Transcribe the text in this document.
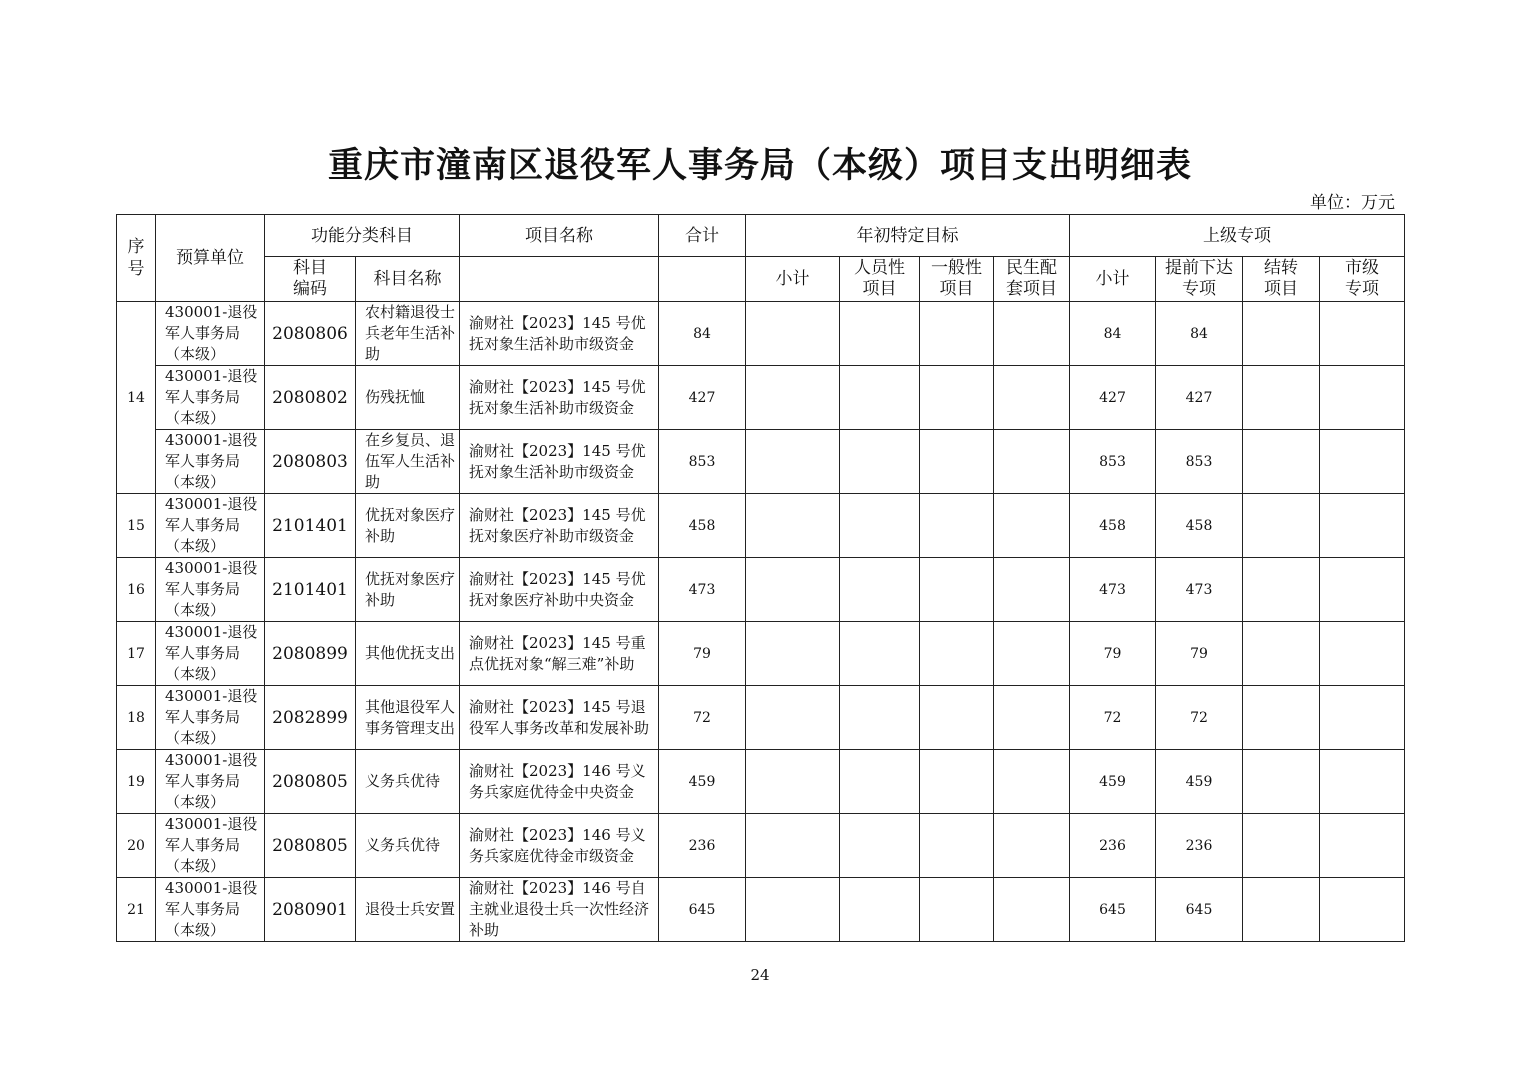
重庆市潼南区退役军人事务局（本级）项目支出明细表
单位：万元
序号	预算单位	功能分类科目		项目名称	合计	年初特定目标				上级专项			
		科目编码	科目名称			小计	人员性项目	一般性项目	民生配套项目	小计	提前下达专项	结转项目	市级专项
14	430001-退役军人事务局（本级）	2080806	农村籍退役士兵老年生活补助	渝财社【2023】145 号优抚对象生活补助市级资金	84					84	84		
	430001-退役军人事务局（本级）	2080802	伤残抚恤	渝财社【2023】145 号优抚对象生活补助市级资金	427					427	427		
	430001-退役军人事务局（本级）	2080803	在乡复员、退伍军人生活补助	渝财社【2023】145 号优抚对象生活补助市级资金	853					853	853		
15	430001-退役军人事务局（本级）	2101401	优抚对象医疗补助	渝财社【2023】145 号优抚对象医疗补助市级资金	458					458	458		
16	430001-退役军人事务局（本级）	2101401	优抚对象医疗补助	渝财社【2023】145 号优抚对象医疗补助中央资金	473					473	473		
17	430001-退役军人事务局（本级）	2080899	其他优抚支出	渝财社【2023】145 号重点优抚对象“解三难”补助	79					79	79		
18	430001-退役军人事务局（本级）	2082899	其他退役军人事务管理支出	渝财社【2023】145 号退役军人事务改革和发展补助	72					72	72		
19	430001-退役军人事务局（本级）	2080805	义务兵优待	渝财社【2023】146 号义务兵家庭优待金中央资金	459					459	459		
20	430001-退役军人事务局（本级）	2080805	义务兵优待	渝财社【2023】146 号义务兵家庭优待金市级资金	236					236	236		
21	430001-退役军人事务局（本级）	2080901	退役士兵安置	渝财社【2023】146 号自主就业退役士兵一次性经济补助	645					645	645		
24
